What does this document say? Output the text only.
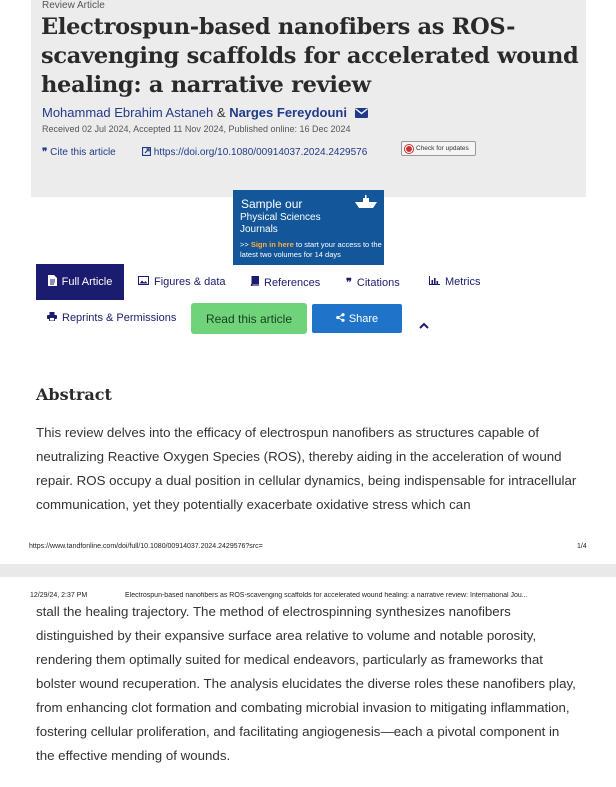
Review Article
Electrospun-based nanofibers as ROS-scavenging scaffolds for accelerated wound healing: a narrative review
Mohammad Ebrahim Astaneh & Narges Fereydouni
Received 02 Jul 2024, Accepted 11 Nov 2024, Published online: 16 Dec 2024
❞ Cite this article	https://doi.org/10.1080/00914037.2024.2429576	Check for updates
Sample our
Physical Sciences Journals
>> Sign in here to start your access to the latest two volumes for 14 days
Full Article	Figures & data	References ❞ Citations	Metrics
Reprints & Permissions	Read this article	Share
Abstract

This review delves into the efficacy of electrospun nanofibers as structures capable of neutralizing Reactive Oxygen Species (ROS), thereby aiding in the acceleration of wound repair. ROS occupy a dual position in cellular dynamics, being indispensable for intracellular communication, yet they potentially exacerbate oxidative stress which can

https://www.tandfonline.com/doi/full/10.1080/00914037.2024.2429576?src=	1/4
12/29/24, 2:37 PM	Electrospun-based nanofibers as ROS-scavenging scaffolds for accelerated wound healing: a narrative review: International Jou...

stall the healing trajectory. The method of electrospinning synthesizes nanofibers distinguished by their expansive surface area relative to volume and notable porosity, rendering them optimally suited for medical endeavors, particularly as frameworks that bolster wound recuperation. The analysis elucidates the diverse roles these nanofibers play, from enhancing clot formation and combating microbial invasion to mitigating inflammation, fostering cellular proliferation, and facilitating angiogenesis—each a pivotal component in the effective mending of wounds.
